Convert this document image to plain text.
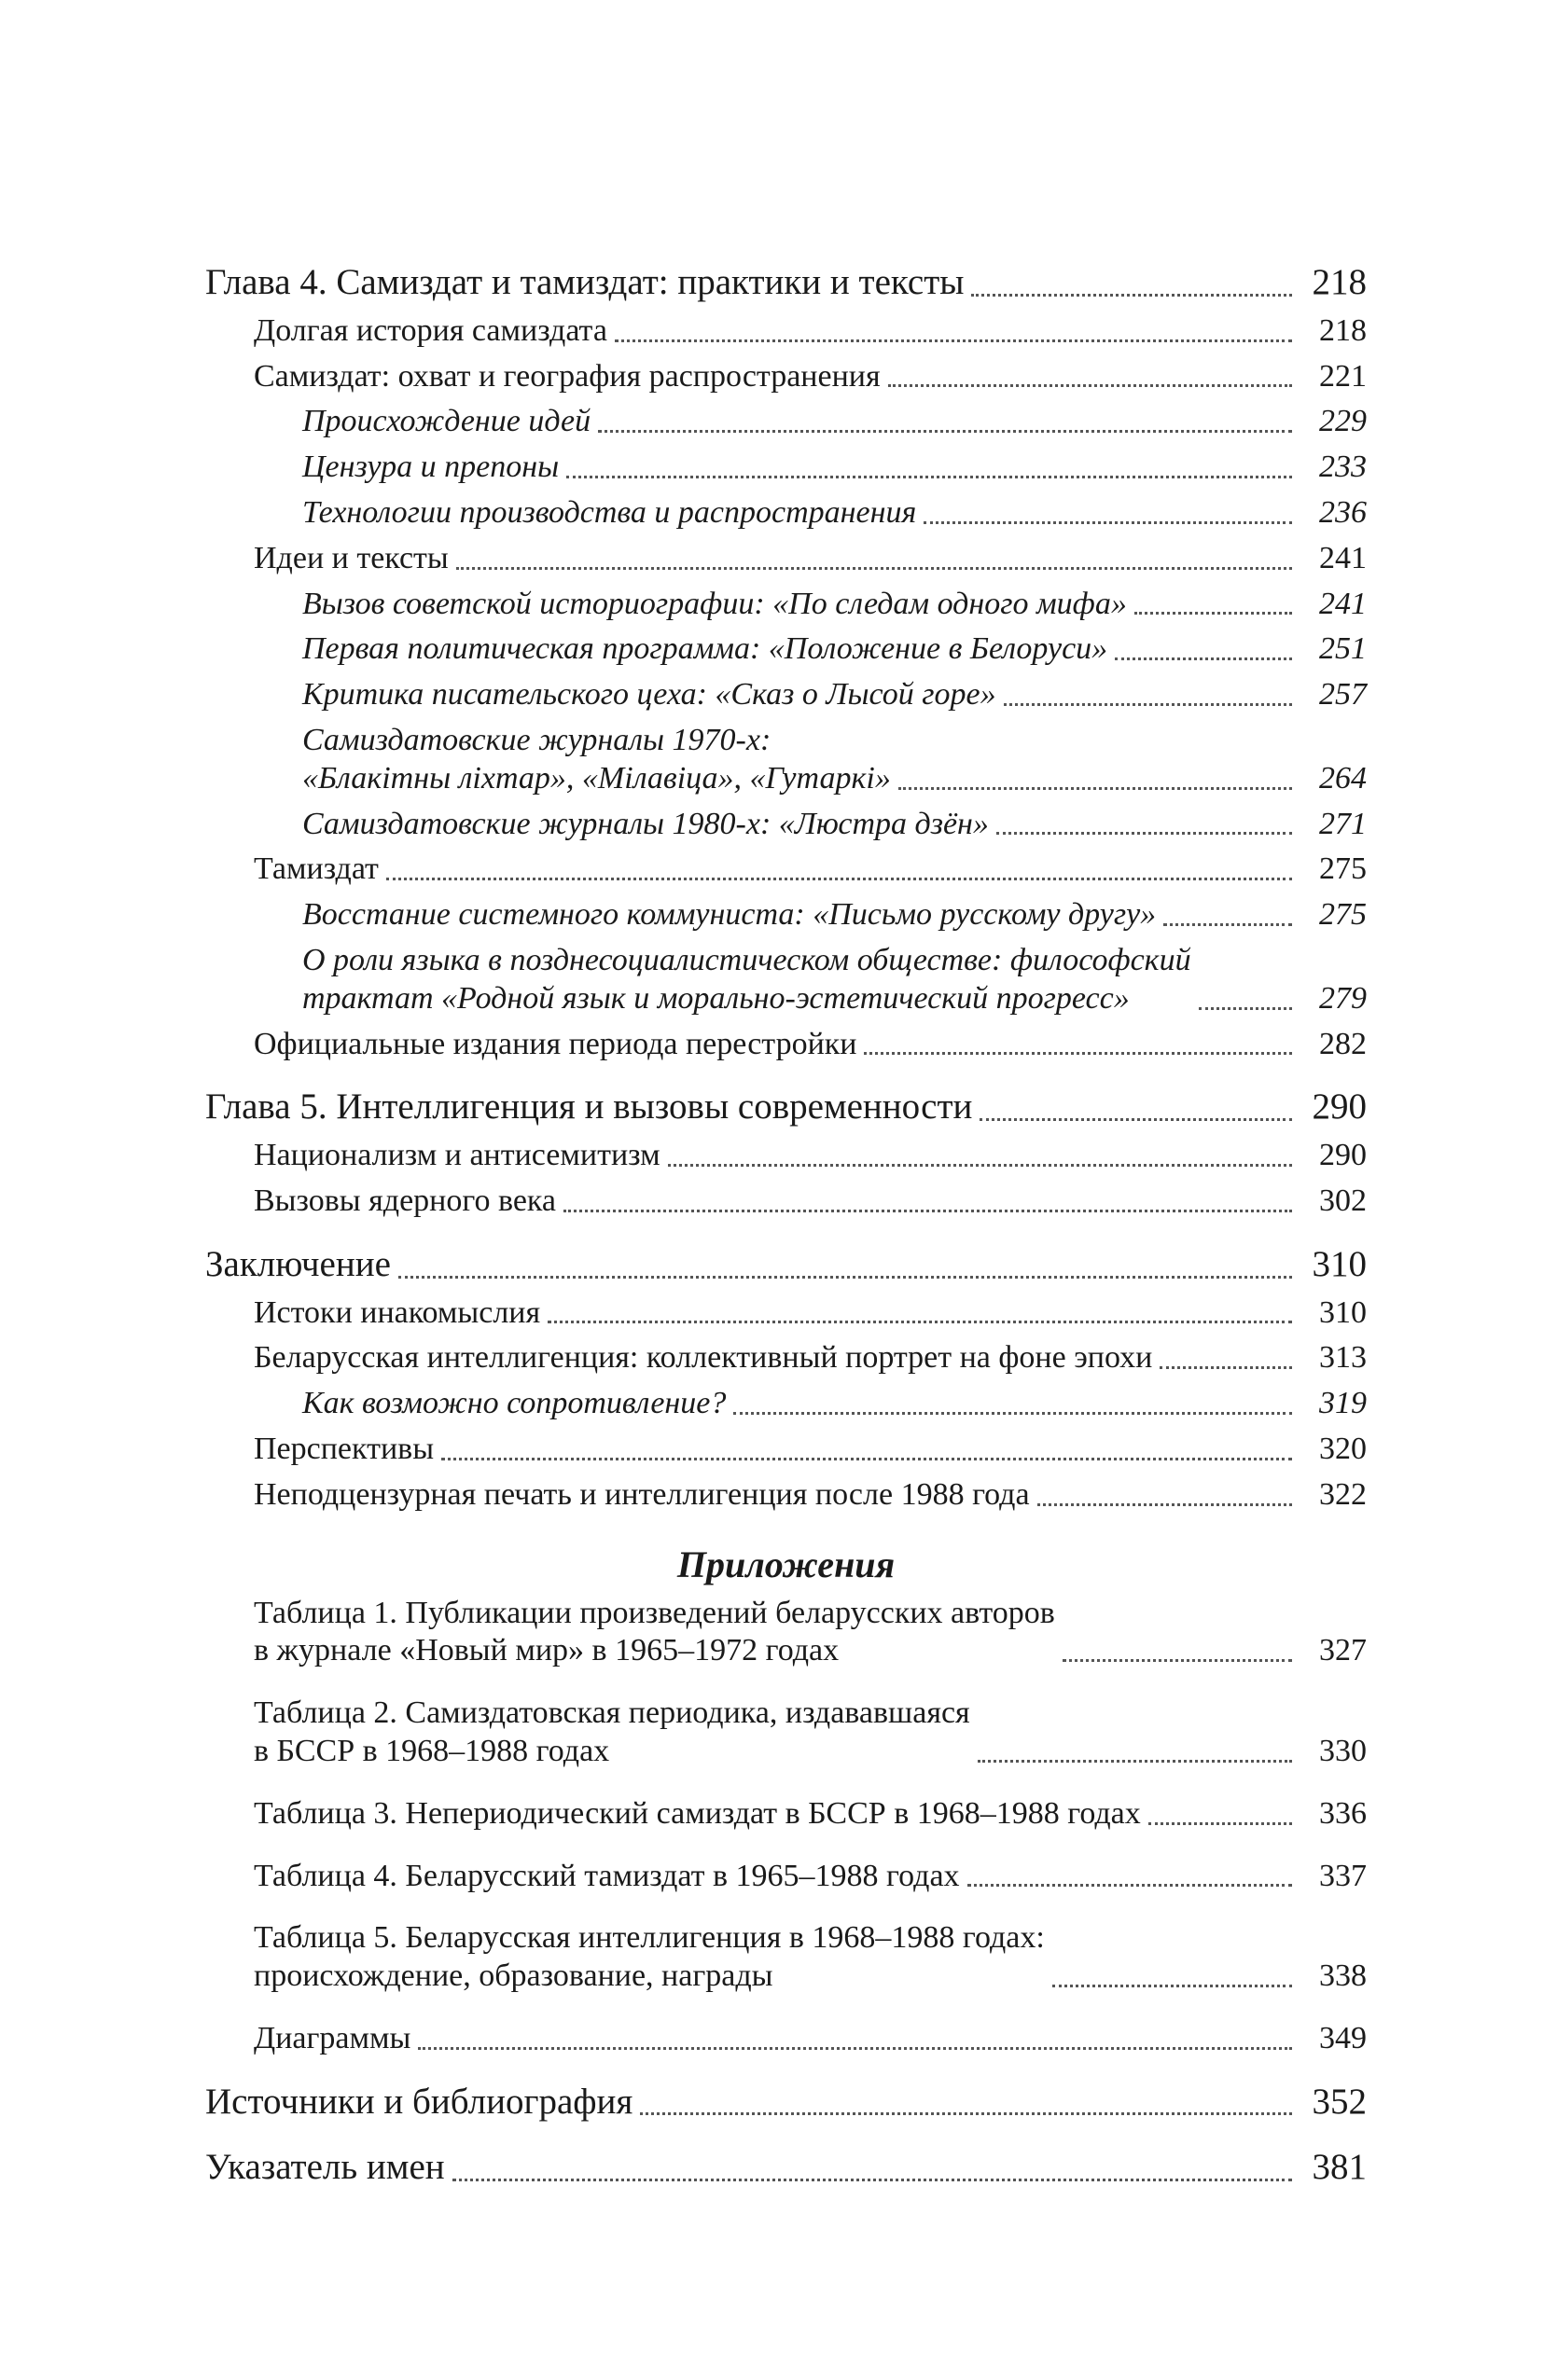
Глава 4. Самиздат и тамиздат: практики и тексты	218
Долгая история самиздата	218
Самиздат: охват и география распространения	221
Происхождение идей	229
Цензура и препоны	233
Технологии производства и распространения	236
Идеи и тексты	241
Вызов советской историографии: «По следам одного мифа»	241
Первая политическая программа: «Положение в Белоруси»	251
Критика писательского цеха: «Сказ о Лысой горе»	257
Самиздатовские журналы 1970-х:
«Блакітны ліхтар», «Мілавіца», «Гутаркі»	264
Самиздатовские журналы 1980-х: «Люстра дзён»	271
Тамиздат	275
Восстание системного коммуниста: «Письмо русскому другу»	275
О роли языка в позднесоциалистическом обществе: философский
трактат «Родной язык и морально-эстетический прогресс»	279
Официальные издания периода перестройки	282
Глава 5. Интеллигенция и вызовы современности	290
Национализм и антисемитизм	290
Вызовы ядерного века	302
Заключение	310
Истоки инакомыслия	310
Беларусская интеллигенция: коллективный портрет на фоне эпохи	313
Как возможно сопротивление?	319
Перспективы	320
Неподцензурная печать и интеллигенция после 1988 года	322
Приложения
Таблица 1. Публикации произведений беларусских авторов
в журнале «Новый мир» в 1965–1972 годах	327
Таблица 2. Самиздатовская периодика, издававшаяся
в БССР в 1968–1988 годах	330
Таблица 3. Непериодический самиздат в БССР в 1968–1988 годах	336
Таблица 4. Беларусский тамиздат в 1965–1988 годах	337
Таблица 5. Беларусская интеллигенция в 1968–1988 годах:
происхождение, образование, награды	338
Диаграммы	349
Источники и библиография	352
Указатель имен	381
